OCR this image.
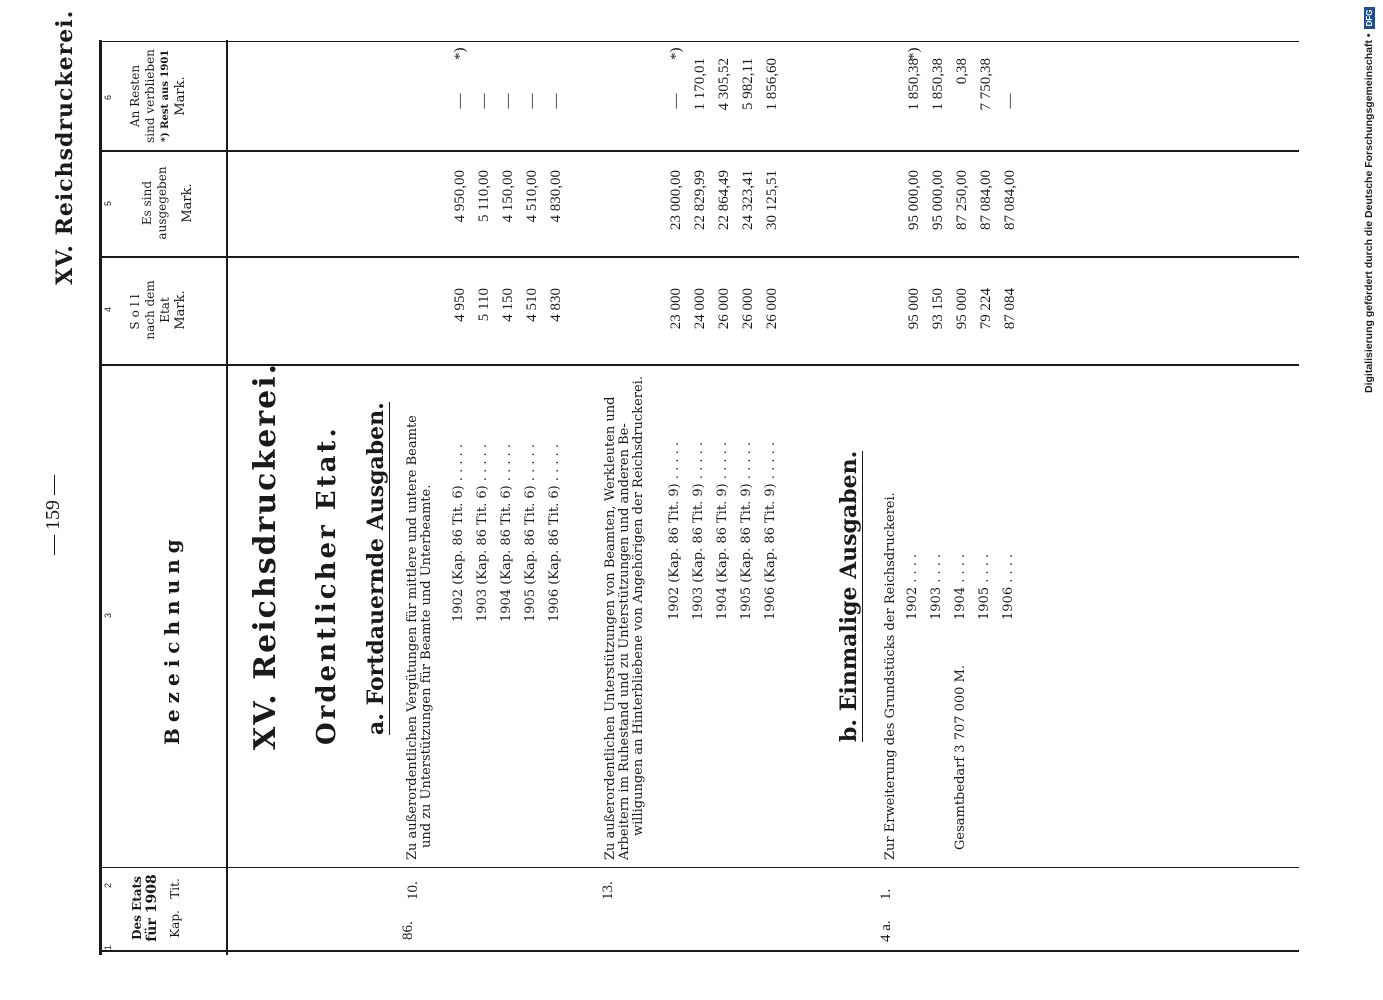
— 159 —
XV. Reichsdruckerei.
1
2
3
4
5
6
Des Etats für 1908 Kap.   Tit.
Bezeichnung
Soll nach dem Etat Mark.
Es sind ausgegeben Mark.
An Resten sind verblieben *) Rest aus 1901 Mark.
XV. Reichsdruckerei. Ordentlicher Etat. a. Fortdauernde Ausgaben.
86.
10.
Zu außerordentlichen Vergütungen für mittlere und untere Beamte und zu Unterstützungen für Beamte und Unterbeamte. 1902 (Kap. 86 Tit. 6) . . . . .
4 950
4 950,00
—
*)
1903 (Kap. 86 Tit. 6) . . . . .
5 110
5 110,00
—
1904 (Kap. 86 Tit. 6) . . . . .
4 150
4 150,00
—
1905 (Kap. 86 Tit. 6) . . . . .
4 510
4 510,00
—
1906 (Kap. 86 Tit. 6) . . . . .
4 830
4 830,00
—
13.
Zu außerordentlichen Unterstützungen von Beamten, Werkleuten und Arbeitern im Ruhestand und zu Unterstützungen und anderen Be- willigungen an Hinterbliebene von Angehörigen der Reichsdruckerei. 1902 (Kap. 86 Tit. 9) . . . . .
23 000
23 000,00
—
*)
1903 (Kap. 86 Tit. 9) . . . . .
24 000
22 829,99
1 170,01
1904 (Kap. 86 Tit. 9) . . . . .
26 000
22 864,49
4 305,52
1905 (Kap. 86 Tit. 9) . . . . .
26 000
24 323,41
5 982,11
1906 (Kap. 86 Tit. 9) . . . . .
26 000
30 125,51
1 856,60
b. Einmalige Ausgaben.
4 a.
1.
Zur Erweiterung des Grundstücks der Reichsdruckerei.	Gesamtbedarf 3 707 000 M.
1902 . . . .
95 000
95 000,00
1 850,38
*)
1903 . . . .
93 150
95 000,00
1 850,38
1904 . . . .
95 000
87 250,00
0,38
1905 . . . .
79 224
87 084,00
7 750,38
1906 . . . .
87 084
87 084,00
—	Digitalisierung gefördert durch die Deutsche Forschungsgemeinschaft •DFG
